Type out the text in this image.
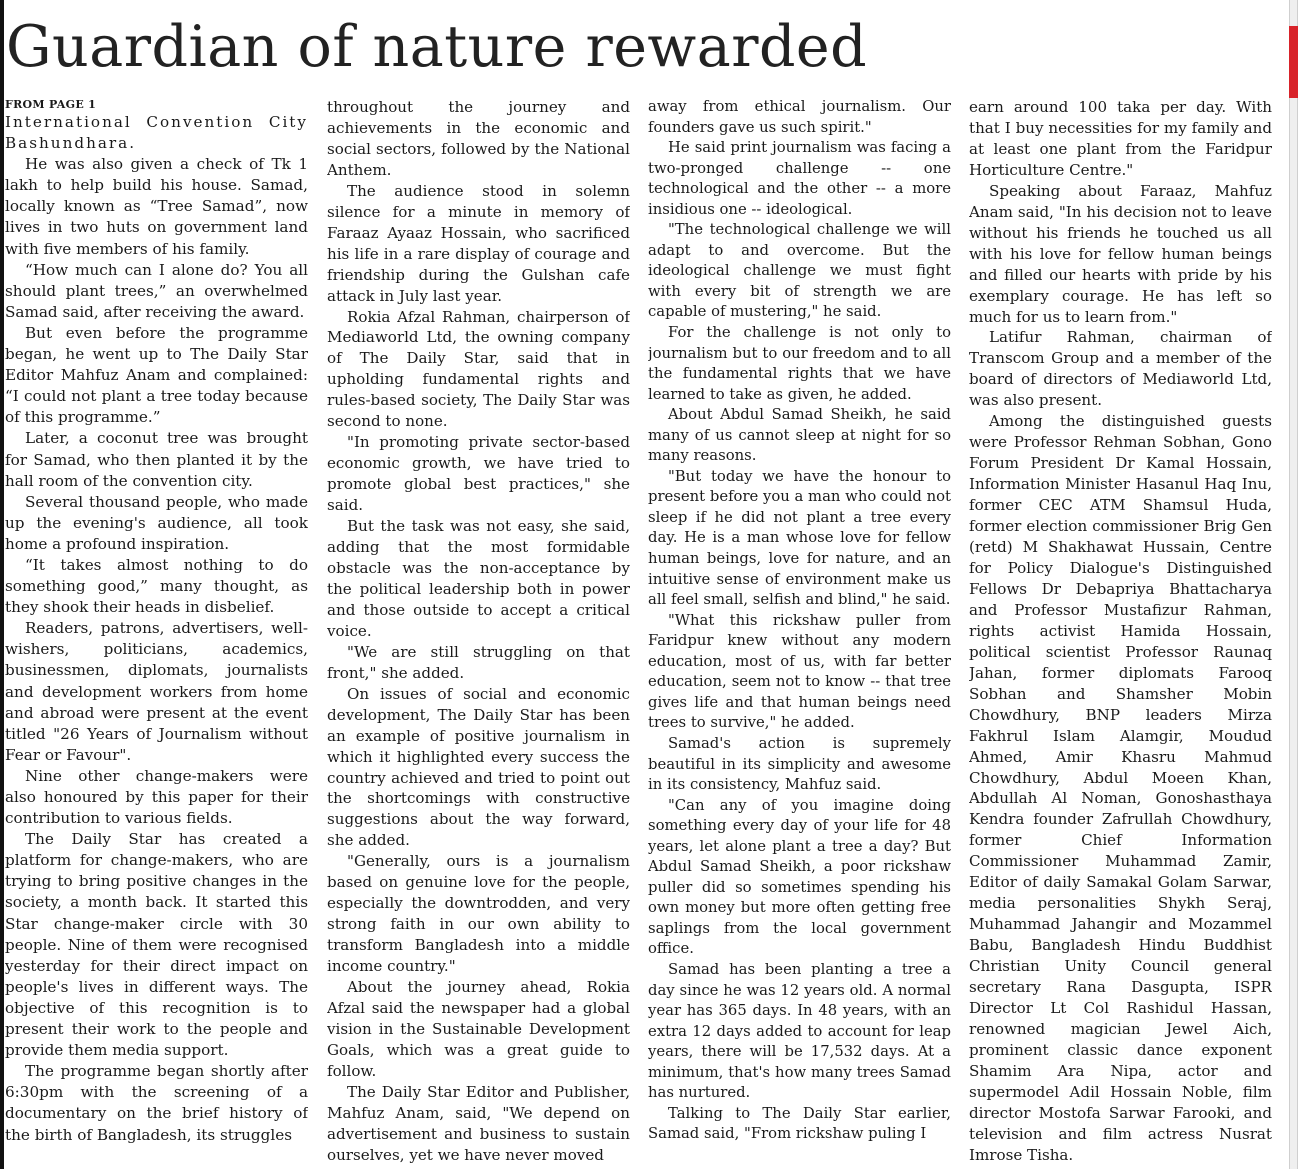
Guardian of nature rewarded
FROM PAGE 1

International Convention City Bashundhara.

He was also given a check of Tk 1 lakh to help build his house. Samad, locally known as “Tree Samad”, now lives in two huts on government land with five members of his family.

“How much can I alone do? You all should plant trees,” an overwhelmed Samad said, after receiving the award.

But even before the programme began, he went up to The Daily Star Editor Mahfuz Anam and complained: “I could not plant a tree today because of this programme.”

Later, a coconut tree was brought for Samad, who then planted it by the hall room of the convention city.

Several thousand people, who made up the evening's audience, all took home a profound inspiration.

“It takes almost nothing to do something good,” many thought, as they shook their heads in disbelief.

Readers, patrons, advertisers, well-wishers, politicians, academics, businessmen, diplomats, journalists and development workers from home and abroad were present at the event titled "26 Years of Journalism without Fear or Favour".

Nine other change-makers were also honoured by this paper for their contribution to various fields.

The Daily Star has created a platform for change-makers, who are trying to bring positive changes in the society, a month back. It started this Star change-maker circle with 30 people. Nine of them were recognised yesterday for their direct impact on people's lives in different ways. The objective of this recognition is to present their work to the people and provide them media support.

The programme began shortly after 6:30pm with the screening of a documentary on the brief history of the birth of Bangladesh, its struggles

throughout the journey and achievements in the economic and social sectors, followed by the National Anthem.

The audience stood in solemn silence for a minute in memory of Faraaz Ayaaz Hossain, who sacrificed his life in a rare display of courage and friendship during the Gulshan cafe attack in July last year.

Rokia Afzal Rahman, chairperson of Mediaworld Ltd, the owning company of The Daily Star, said that in upholding fundamental rights and rules-based society, The Daily Star was second to none.

"In promoting private sector-based economic growth, we have tried to promote global best practices," she said.

But the task was not easy, she said, adding that the most formidable obstacle was the non-acceptance by the political leadership both in power and those outside to accept a critical voice.

"We are still struggling on that front," she added.

On issues of social and economic development, The Daily Star has been an example of positive journalism in which it highlighted every success the country achieved and tried to point out the shortcomings with constructive suggestions about the way forward, she added.

"Generally, ours is a journalism based on genuine love for the people, especially the downtrodden, and very strong faith in our own ability to transform Bangladesh into a middle income country."

About the journey ahead, Rokia Afzal said the newspaper had a global vision in the Sustainable Development Goals, which was a great guide to follow.

The Daily Star Editor and Publisher, Mahfuz Anam, said, "We depend on advertisement and business to sustain ourselves, yet we have never moved

away from ethical journalism. Our founders gave us such spirit."

He said print journalism was facing a two-pronged challenge -- one technological and the other -- a more insidious one -- ideological.

"The technological challenge we will adapt to and overcome. But the ideological challenge we must fight with every bit of strength we are capable of mustering," he said.

For the challenge is not only to journalism but to our freedom and to all the fundamental rights that we have learned to take as given, he added.

About Abdul Samad Sheikh, he said many of us cannot sleep at night for so many reasons.

"But today we have the honour to present before you a man who could not sleep if he did not plant a tree every day. He is a man whose love for fellow human beings, love for nature, and an intuitive sense of environment make us all feel small, selfish and blind," he said.

"What this rickshaw puller from Faridpur knew without any modern education, most of us, with far better education, seem not to know -- that tree gives life and that human beings need trees to survive," he added.

Samad's action is supremely beautiful in its simplicity and awesome in its consistency, Mahfuz said.

"Can any of you imagine doing something every day of your life for 48 years, let alone plant a tree a day? But Abdul Samad Sheikh, a poor rickshaw puller did so sometimes spending his own money but more often getting free saplings from the local government office.

Samad has been planting a tree a day since he was 12 years old. A normal year has 365 days. In 48 years, with an extra 12 days added to account for leap years, there will be 17,532 days. At a minimum, that's how many trees Samad has nurtured.

Talking to The Daily Star earlier, Samad said, "From rickshaw puling I

earn around 100 taka per day. With that I buy necessities for my family and at least one plant from the Faridpur Horticulture Centre."

Speaking about Faraaz, Mahfuz Anam said, "In his decision not to leave without his friends he touched us all with his love for fellow human beings and filled our hearts with pride by his exemplary courage. He has left so much for us to learn from."

Latifur Rahman, chairman of Transcom Group and a member of the board of directors of Mediaworld Ltd, was also present.

Among the distinguished guests were Professor Rehman Sobhan, Gono Forum President Dr Kamal Hossain, Information Minister Hasanul Haq Inu, former CEC ATM Shamsul Huda, former election commissioner Brig Gen (retd) M Shakhawat Hussain, Centre for Policy Dialogue's Distinguished Fellows Dr Debapriya Bhattacharya and Professor Mustafizur Rahman, rights activist Hamida Hossain, political scientist Professor Raunaq Jahan, former diplomats Farooq Sobhan and Shamsher Mobin Chowdhury, BNP leaders Mirza Fakhrul Islam Alamgir, Moudud Ahmed, Amir Khasru Mahmud Chowdhury, Abdul Moeen Khan, Abdullah Al Noman, Gonoshasthaya Kendra founder Zafrullah Chowdhury, former Chief Information Commissioner Muhammad Zamir, Editor of daily Samakal Golam Sarwar, media personalities Shykh Seraj, Muhammad Jahangir and Mozammel Babu, Bangladesh Hindu Buddhist Christian Unity Council general secretary Rana Dasgupta, ISPR Director Lt Col Rashidul Hassan, renowned magician Jewel Aich, prominent classic dance exponent Shamim Ara Nipa, actor and supermodel Adil Hossain Noble, film director Mostofa Sarwar Farooki, and television and film actress Nusrat Imrose Tisha.
